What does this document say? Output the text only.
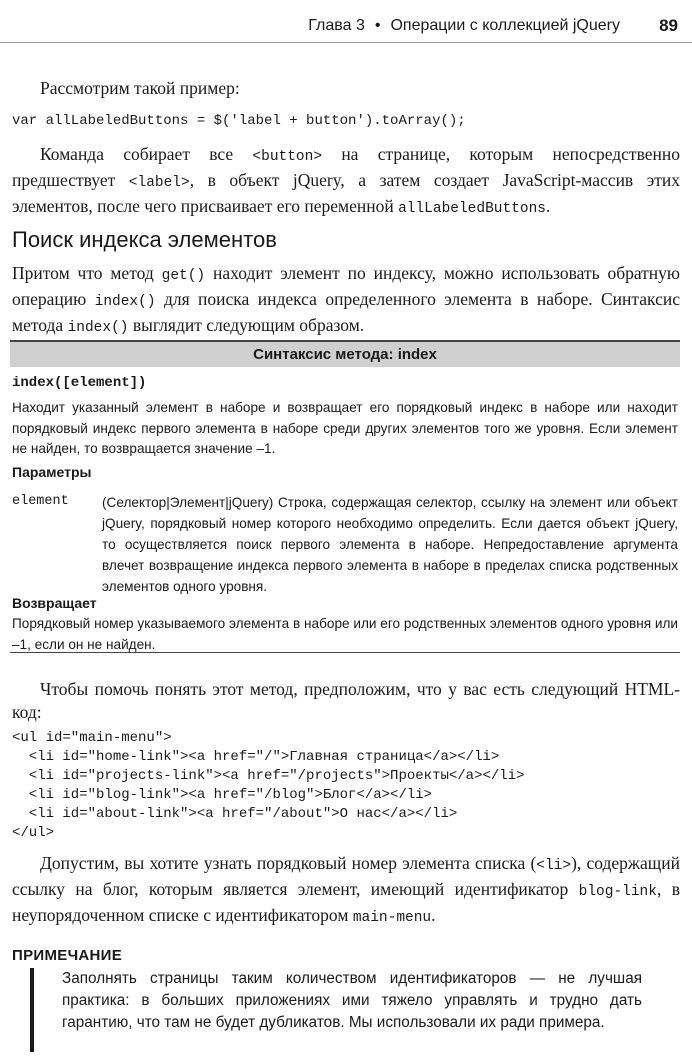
Глава 3 • Операции с коллекцией jQuery 89
Рассмотрим такой пример:
var allLabeledButtons = $('label + button').toArray();
Команда собирает все <button> на странице, которым непосредственно предшествует <label>, в объект jQuery, а затем создает JavaScript-массив этих элементов, после чего присваивает его переменной allLabeledButtons.
Поиск индекса элементов
Притом что метод get() находит элемент по индексу, можно использовать обратную операцию index() для поиска индекса определенного элемента в наборе. Синтаксис метода index() выглядит следующим образом.
Синтаксис метода: index
index([element])
Находит указанный элемент в наборе и возвращает его порядковый индекс в наборе или находит порядковый индекс первого элемента в наборе среди других элементов того же уровня. Если элемент не найден, то возвращается значение –1.
Параметры
element (Селектор|Элемент|jQuery) Строка, содержащая селектор, ссылку на элемент или объект jQuery, порядковый номер которого необходимо определить. Если дается объект jQuery, то осуществляется поиск первого элемента в наборе. Непредоставление аргумента влечет возвращение индекса первого элемента в наборе в пределах списка родственных элементов одного уровня.
Возвращает
Порядковый номер указываемого элемента в наборе или его родственных элементов одного уровня или –1, если он не найден.
Чтобы помочь понять этот метод, предположим, что у вас есть следующий HTML-код:
<ul id="main-menu">
<li id="home-link"><a href="/">Главная страница</a></li>
<li id="projects-link"><a href="/projects">Проекты</a></li>
<li id="blog-link"><a href="/blog">Блог</a></li>
<li id="about-link"><a href="/about">О нас</a></li>
</ul>
Допустим, вы хотите узнать порядковый номер элемента списка (<li>), содержащий ссылку на блог, которым является элемент, имеющий идентификатор blog-link, в неупорядоченном списке с идентификатором main-menu.
ПРИМЕЧАНИЕ
Заполнять страницы таким количеством идентификаторов — не лучшая практика: в больших приложениях ими тяжело управлять и трудно дать гарантию, что там не будет дубликатов. Мы использовали их ради примера.
